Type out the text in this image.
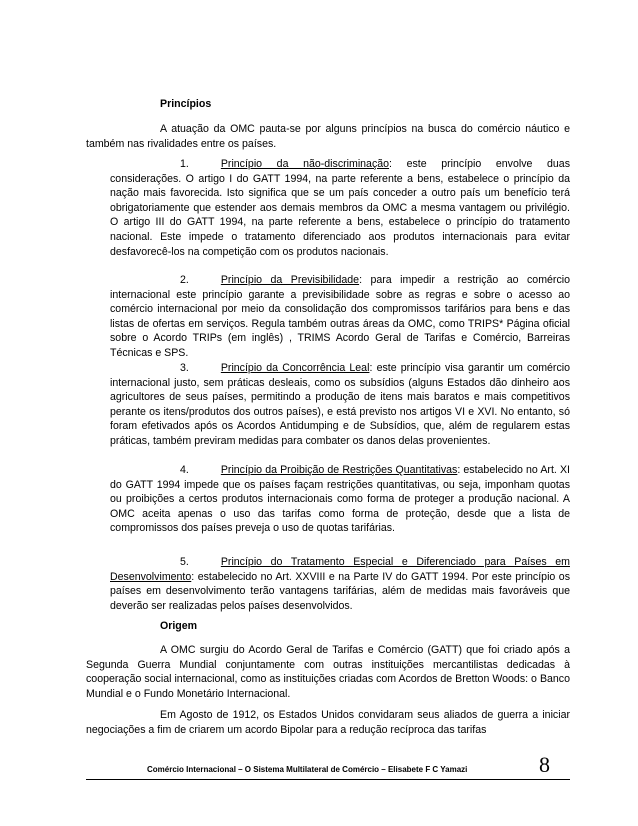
Princípios

A atuação da OMC pauta-se por alguns princípios na busca do comércio náutico e também nas rivalidades entre os países.

1.	Princípio da não-discriminação: este princípio envolve duas considerações. O artigo I do GATT 1994, na parte referente a bens, estabelece o princípio da nação mais favorecida. Isto significa que se um país conceder a outro país um benefício terá obrigatoriamente que estender aos demais membros da OMC a mesma vantagem ou privilégio. O artigo III do GATT 1994, na parte referente a bens, estabelece o princípio do tratamento nacional. Este impede o tratamento diferenciado aos produtos internacionais para evitar desfavorecê-los na competição com os produtos nacionais.

2.	Princípio da Previsibilidade: para impedir a restrição ao comércio internacional este princípio garante a previsibilidade sobre as regras e sobre o acesso ao comércio internacional por meio da consolidação dos compromissos tarifários para bens e das listas de ofertas em serviços. Regula também outras áreas da OMC, como TRIPS* Página oficial sobre o Acordo TRIPs (em inglês) , TRIMS Acordo Geral de Tarifas e Comércio, Barreiras Técnicas e SPS.

3.	Princípio da Concorrência Leal: este princípio visa garantir um comércio internacional justo, sem práticas desleais, como os subsídios (alguns Estados dão dinheiro aos agricultores de seus países, permitindo a produção de itens mais baratos e mais competitivos perante os itens/produtos dos outros países), e está previsto nos artigos VI e XVI. No entanto, só foram efetivados após os Acordos Antidumping e de Subsídios, que, além de regularem estas práticas, também previram medidas para combater os danos delas provenientes.

4.	Princípio da Proibição de Restrições Quantitativas: estabelecido no Art. XI do GATT 1994 impede que os países façam restrições quantitativas, ou seja, imponham quotas ou proibições a certos produtos internacionais como forma de proteger a produção nacional. A OMC aceita apenas o uso das tarifas como forma de proteção, desde que a lista de compromissos dos países preveja o uso de quotas tarifárias.

5.	Princípio do Tratamento Especial e Diferenciado para Países em Desenvolvimento: estabelecido no Art. XXVIII e na Parte IV do GATT 1994. Por este princípio os países em desenvolvimento terão vantagens tarifárias, além de medidas mais favoráveis que deverão ser realizadas pelos países desenvolvidos.

Origem

A OMC surgiu do Acordo Geral de Tarifas e Comércio (GATT) que foi criado após a Segunda Guerra Mundial conjuntamente com outras instituições mercantilistas dedicadas à cooperação social internacional, como as instituições criadas com Acordos de Bretton Woods: o Banco Mundial e o Fundo Monetário Internacional.

Em Agosto de 1912, os Estados Unidos convidaram seus aliados de guerra a iniciar negociações a fim de criarem um acordo Bipolar para a redução recíproca das tarifas

Comércio Internacional – O Sistema Multilateral de Comércio – Elisabete F C Yamazi	8
